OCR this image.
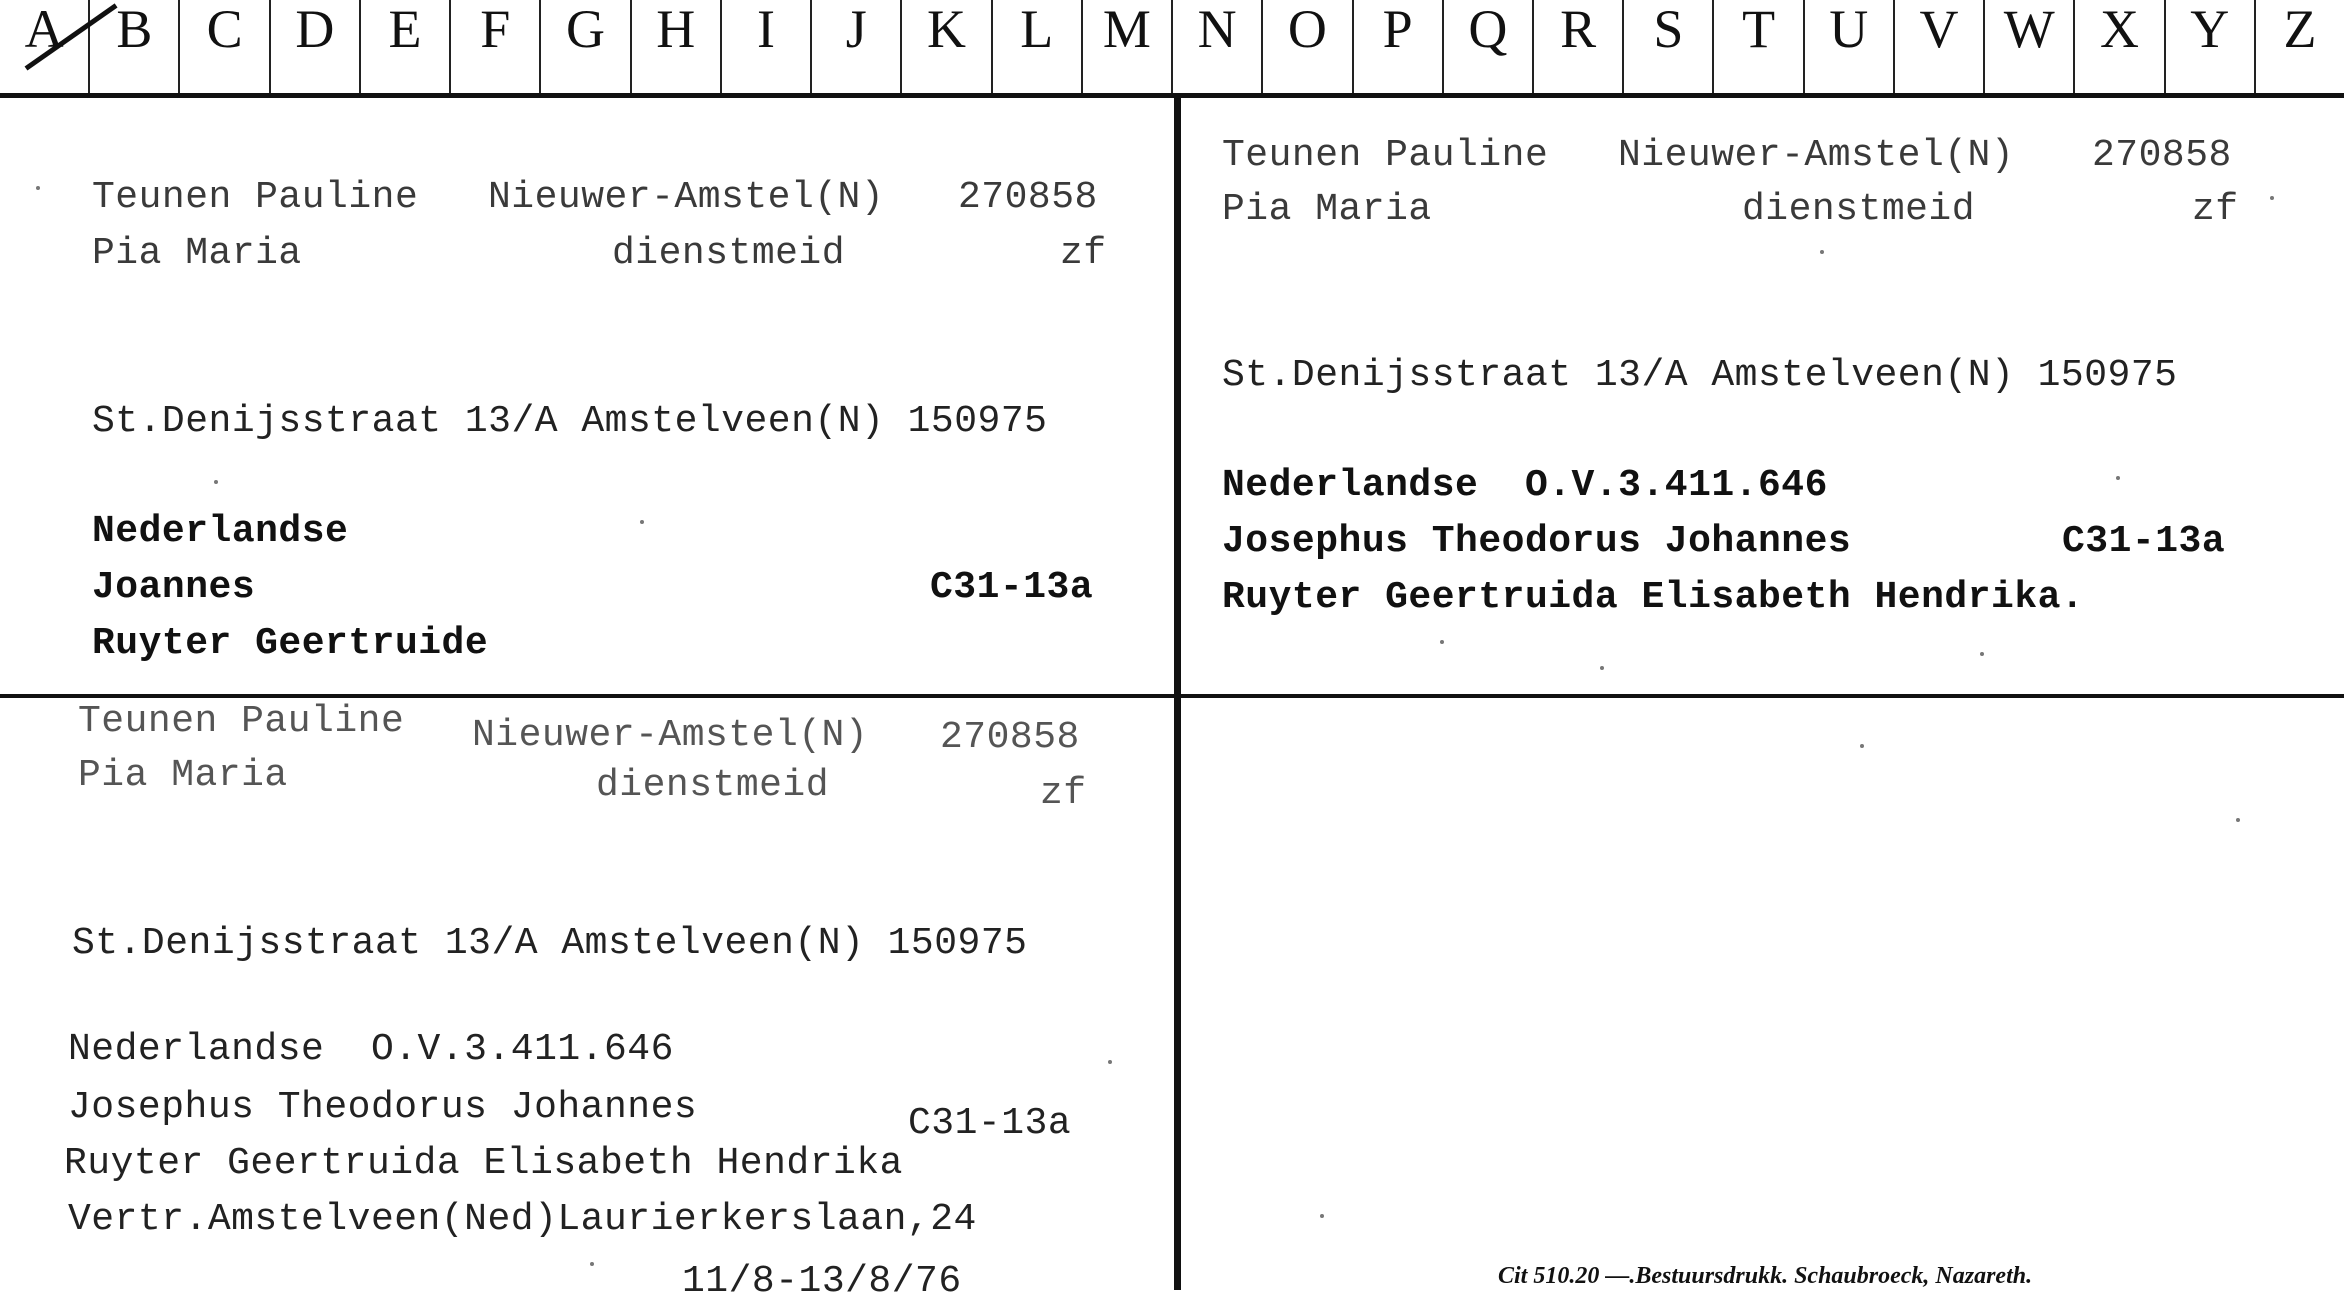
A B	C D	E	F	G H	I	J	K	L M N O	P	Q R	S	T	U V W X Y	Z
Teunen Pauline Nieuwer-Amstel(N) 270858
Pia Maria	dienstmeid	zf
St.Denijsstraat 13/A Amstelveen(N) 150975
Nederlandse
Joannes	C31-13a
Ruyter Geertruide
Teunen Pauline Nieuwer-Amstel(N) 270858
Pia Maria	dienstmeid	zf
St.Denijsstraat 13/A Amstelveen(N) 150975
Nederlandse  O.V.3.411.646
Josephus Theodorus Johannes	C31-13a
Ruyter Geertruida Elisabeth Hendrika.
Teunen Pauline Nieuwer-Amstel(N) 270858
Pia Maria	dienstmeid	zf
St.Denijsstraat 13/A Amstelveen(N) 150975
Nederlandse  O.V.3.411.646
Josephus Theodorus Johannes	C31-13a
Ruyter Geertruida Elisabeth Hendrika
Vertr.Amstelveen(Ned)Laurierkerslaan,24
11/8-13/8/76	Cit 510.20 —.Bestuursdrukk. Schaubroeck, Nazareth.
